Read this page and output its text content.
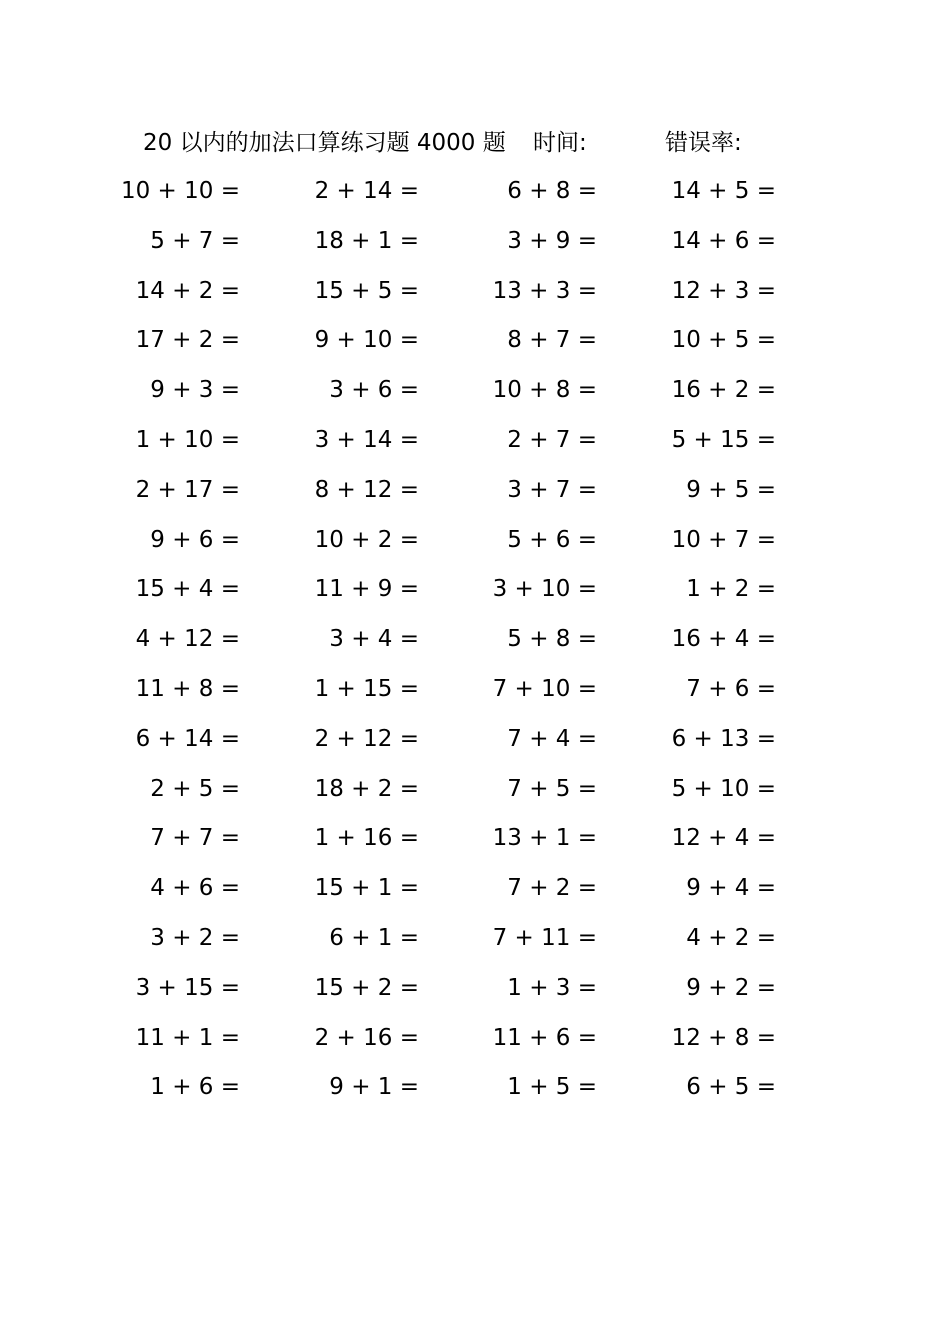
20 以内的加法口算练习题 4000 题 时间:	错误率:
10 + 10 =	2 + 14 =	6 + 8 =	14 + 5 =
5 + 7 =	18 + 1 =	3 + 9 =	14 + 6 =
14 + 2 =	15 + 5 =	13 + 3 =	12 + 3 =
17 + 2 =	9 + 10 =	8 + 7 =	10 + 5 =
9 + 3 =	3 + 6 =	10 + 8 =	16 + 2 =
1 + 10 =	3 + 14 =	2 + 7 =	5 + 15 =
2 + 17 =	8 + 12 =	3 + 7 =	9 + 5 =
9 + 6 =	10 + 2 =	5 + 6 =	10 + 7 =
15 + 4 =	11 + 9 =	3 + 10 =	1 + 2 =
4 + 12 =	3 + 4 =	5 + 8 =	16 + 4 =
11 + 8 =	1 + 15 =	7 + 10 =	7 + 6 =
6 + 14 =	2 + 12 =	7 + 4 =	6 + 13 =
2 + 5 =	18 + 2 =	7 + 5 =	5 + 10 =
7 + 7 =	1 + 16 =	13 + 1 =	12 + 4 =
4 + 6 =	15 + 1 =	7 + 2 =	9 + 4 =
3 + 2 =	6 + 1 =	7 + 11 =	4 + 2 =
3 + 15 =	15 + 2 =	1 + 3 =	9 + 2 =
11 + 1 =	2 + 16 =	11 + 6 =	12 + 8 =
1 + 6 =	9 + 1 =	1 + 5 =	6 + 5 =
